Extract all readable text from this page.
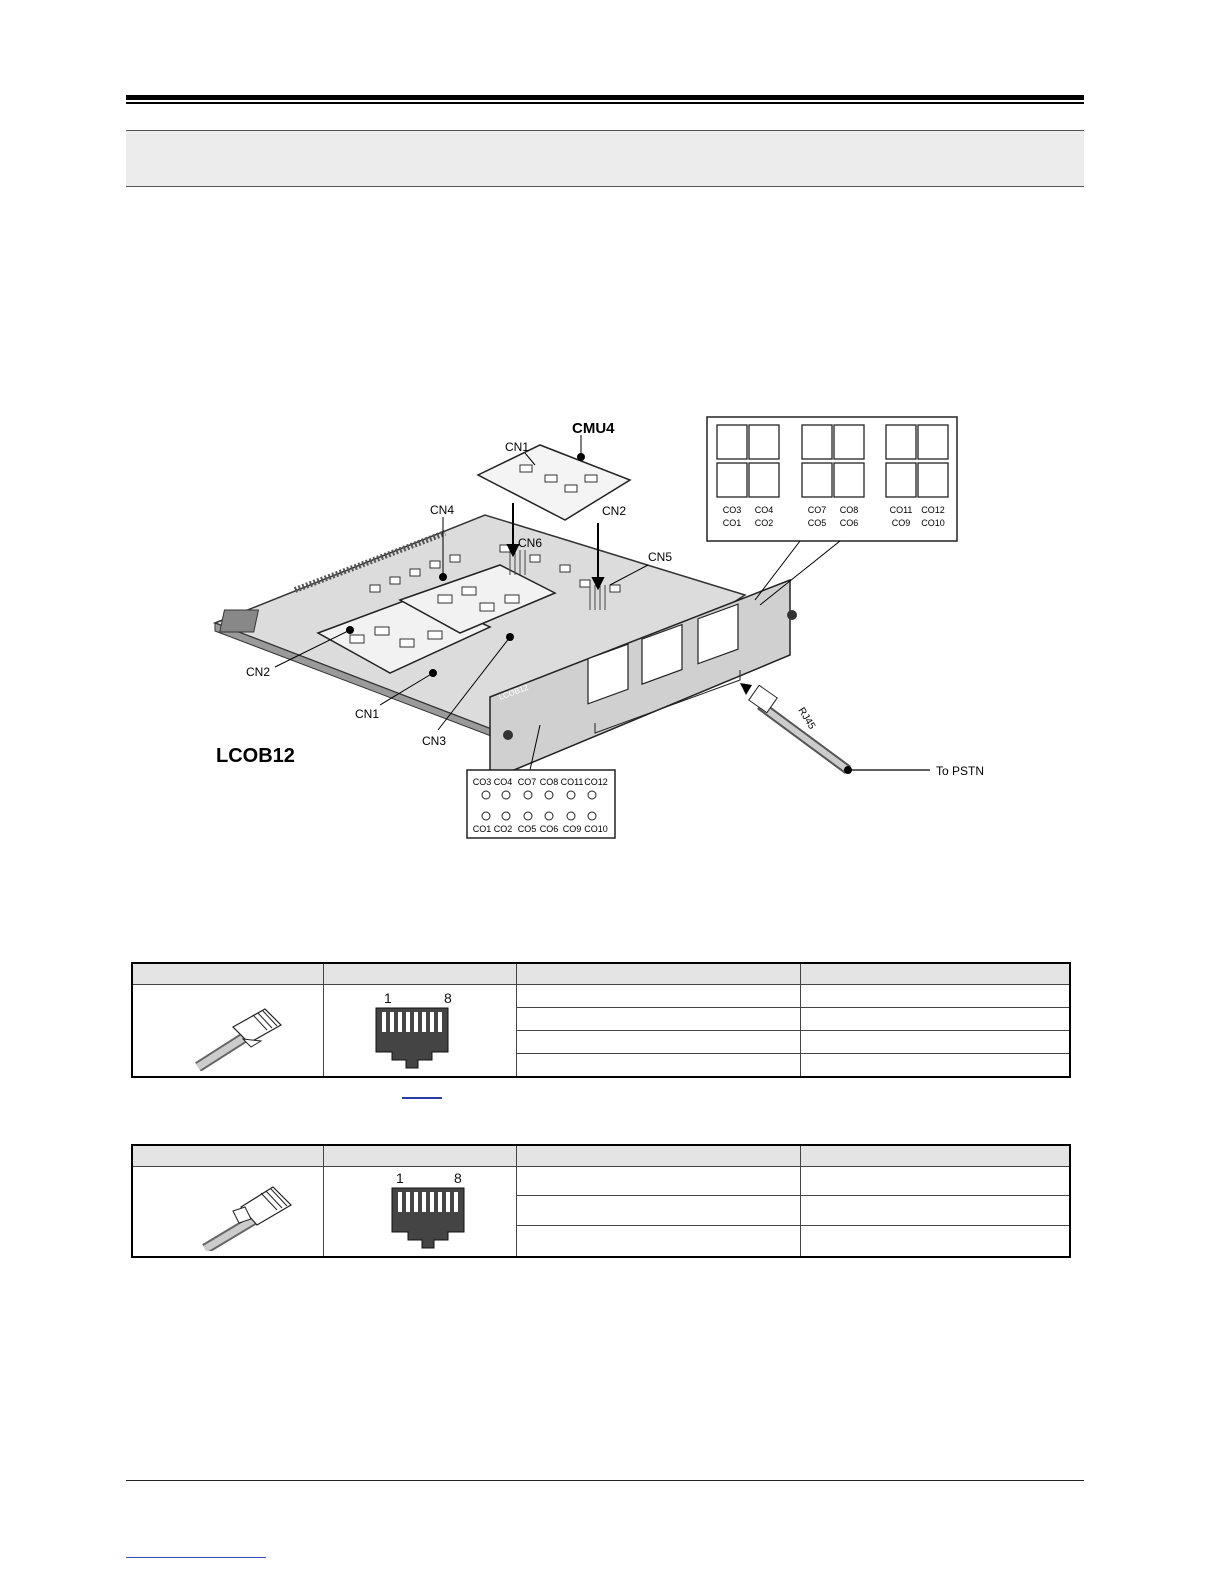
LCOB12
RJ45
To PSTN
CN1
CMU4
CN2
CN4
CN6
CN5
CN2
CN1
CN3
LCOB12
CO3 CO4
CO1 CO2
CO7 CO8
CO5 CO6
CO11 CO12
CO9 CO10
CO3 CO4 CO7 CO8 CO11 CO12
CO1 CO2 CO5 CO6 CO9 CO10

1 8		

1 8		
